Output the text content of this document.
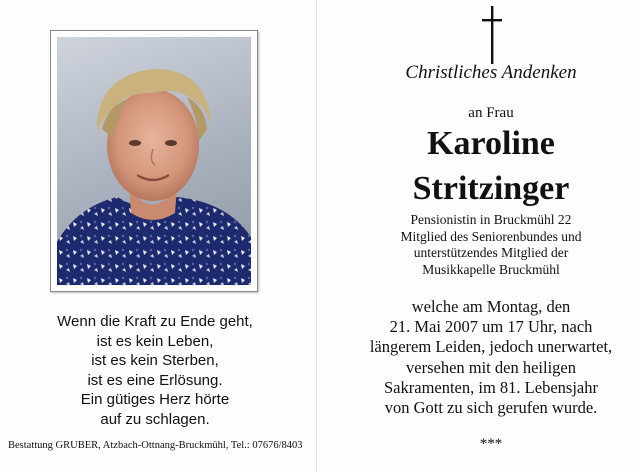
Wenn die Kraft zu Ende geht,
ist es kein Leben,
ist es kein Sterben,
ist es eine Erlösung.
Ein gütiges Herz hörte
auf zu schlagen.
Bestattung GRUBER, Atzbach-Ottnang-Bruckmühl, Tel.: 07676/8403
Christliches Andenken
an Frau
Karoline
Stritzinger
Pensionistin in Bruckmühl 22
Mitglied des Seniorenbundes und
unterstützendes Mitglied der
Musikkapelle Bruckmühl
welche am Montag, den
21. Mai 2007 um 17 Uhr, nach
längerem Leiden, jedoch unerwartet,
versehen mit den heiligen
Sakramenten, im 81. Lebensjahr
von Gott zu sich gerufen wurde.
***
